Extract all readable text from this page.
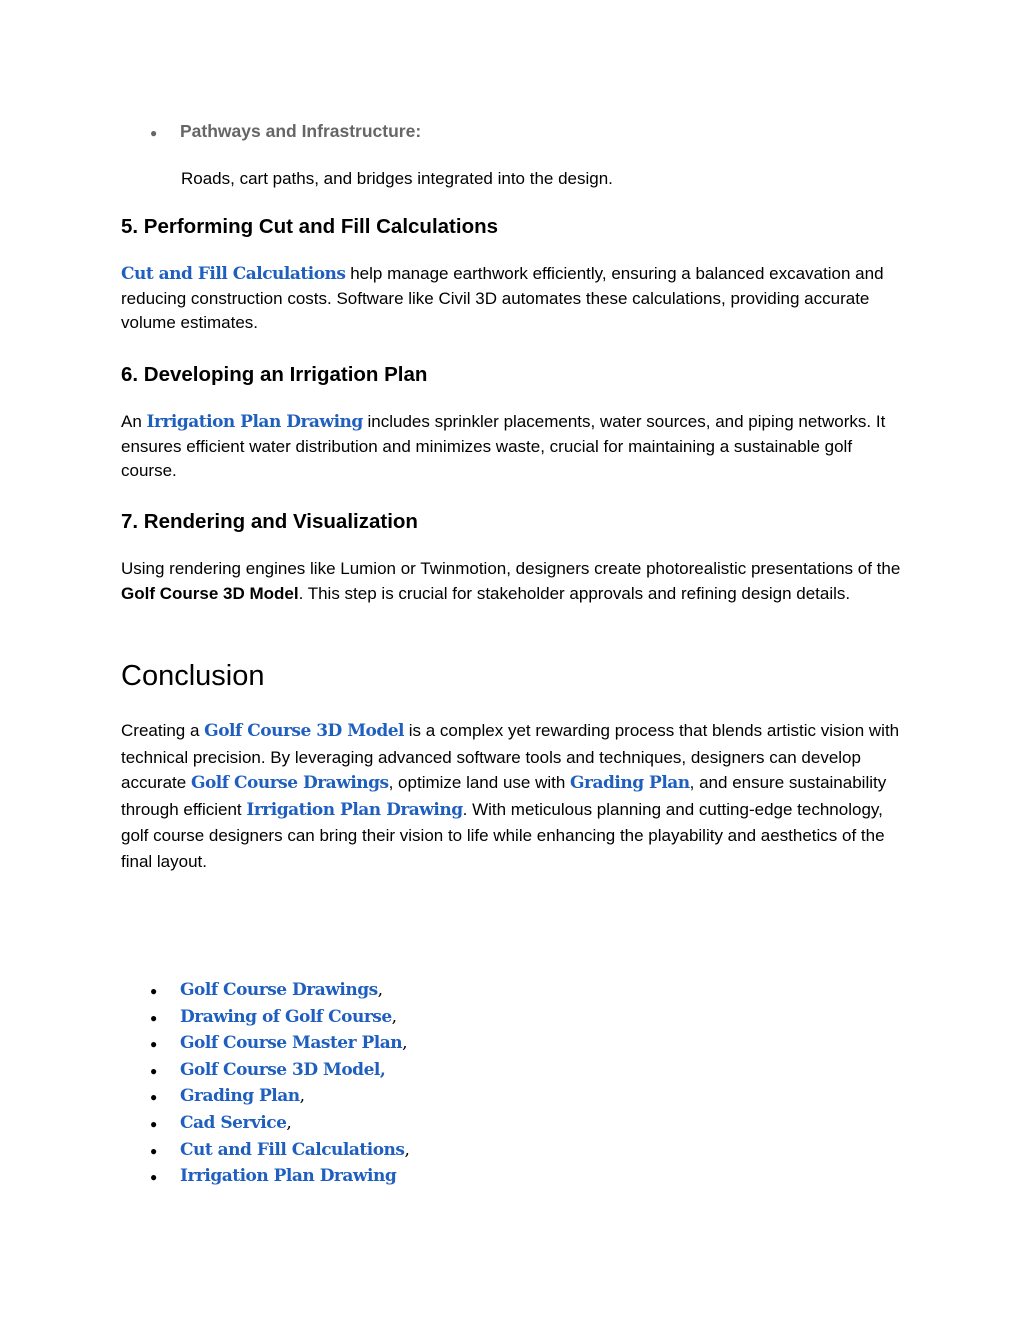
●	Pathways and Infrastructure:
Roads, cart paths, and bridges integrated into the design.
5. Performing Cut and Fill Calculations
Cut and Fill Calculations help manage earthwork efficiently, ensuring a balanced excavation and reducing construction costs. Software like Civil 3D automates these calculations, providing accurate volume estimates.
6. Developing an Irrigation Plan
An Irrigation Plan Drawing includes sprinkler placements, water sources, and piping networks. It ensures efficient water distribution and minimizes waste, crucial for maintaining a sustainable golf course.
7. Rendering and Visualization
Using rendering engines like Lumion or Twinmotion, designers create photorealistic presentations of the Golf Course 3D Model. This step is crucial for stakeholder approvals and refining design details.
Conclusion
Creating a Golf Course 3D Model is a complex yet rewarding process that blends artistic vision with technical precision. By leveraging advanced software tools and techniques, designers can develop accurate Golf Course Drawings, optimize land use with Grading Plan, and ensure sustainability through efficient Irrigation Plan Drawing. With meticulous planning and cutting-edge technology, golf course designers can bring their vision to life while enhancing the playability and aesthetics of the final layout.
●	Golf Course Drawings ,
●	Drawing of Golf Course ,
●	Golf Course Master Plan ,
●	Golf Course 3D Model,
●	Grading Plan ,
●	Cad Service ,
●	Cut and Fill Calculations ,
●	Irrigation Plan Drawing
